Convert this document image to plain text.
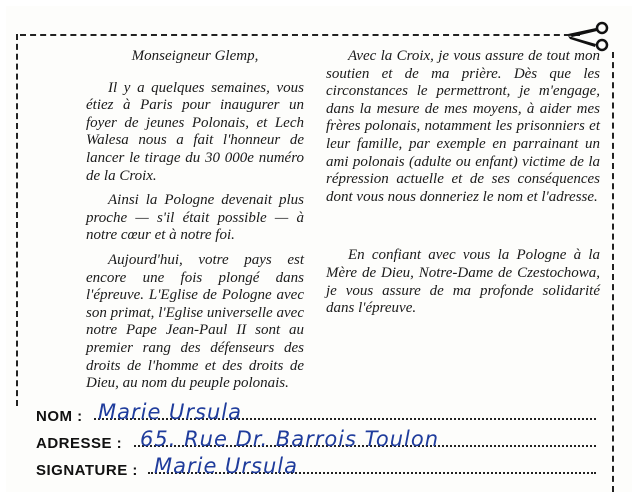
Monseigneur Glemp,

Il y a quelques semaines, vous étiez à Paris pour inaugurer un foyer de jeunes Polonais, et Lech Walesa nous a fait l'honneur de lancer le tirage du 30 000e numéro de la Croix.

Ainsi la Pologne devenait plus proche — s'il était possible — à notre cœur et à notre foi.

Aujourd'hui, votre pays est encore une fois plongé dans l'épreuve. L'Eglise de Pologne avec son primat, l'Eglise universelle avec notre Pape Jean-Paul II sont au premier rang des défenseurs des droits de l'homme et des droits de Dieu, au nom du peuple polonais.

Avec la Croix, je vous assure de tout mon soutien et de ma prière. Dès que les circonstances le permettront, je m'engage, dans la mesure de mes moyens, à aider mes frères polonais, notamment les prisonniers et leur famille, par exemple en parrainant un ami polonais (adulte ou enfant) victime de la répression actuelle et de ses conséquences dont vous nous donneriez le nom et l'adresse.

En confiant avec vous la Pologne à la Mère de Dieu, Notre-Dame de Czestochowa, je vous assure de ma profonde solidarité dans l'épreuve.

NOM : Marie Ursula
ADRESSE : 65. Rue Dr. Barrois Toulon
SIGNATURE : Marie Ursula
